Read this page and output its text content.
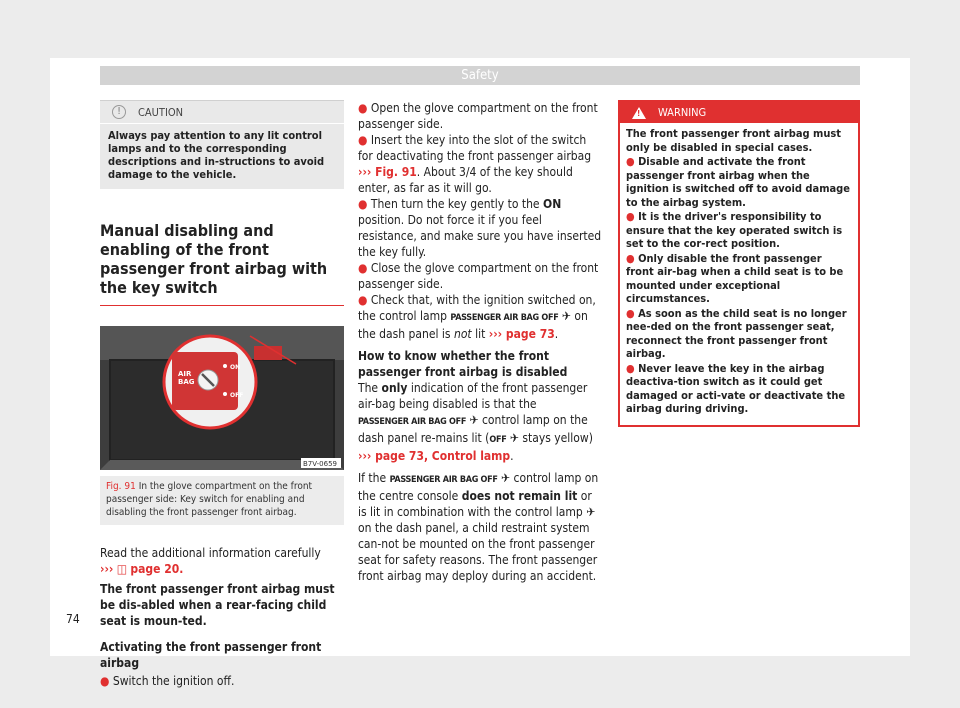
Safety
!	CAUTION
Always pay attention to any lit control lamps and to the corresponding descriptions and in-structions to avoid damage to the vehicle.
Manual disabling and enabling of the front passenger front airbag with the key switch
AIR
BAG
ON
OFF
B7V-0659
Fig. 91 In the glove compartment on the front passenger side: Key switch for enabling and disabling the front passenger front airbag.
Read the additional information carefully
››› ◫ page 20.
The front passenger front airbag must be dis-abled when a rear-facing child seat is moun-ted.
Activating the front passenger front airbag
● Switch the ignition off.

● Open the glove compartment on the front passenger side.

● Insert the key into the slot of the switch for deactivating the front passenger airbag ››› Fig. 91. About 3/4 of the key should enter, as far as it will go.

● Then turn the key gently to the ON position. Do not force it if you feel resistance, and make sure you have inserted the key fully.

● Close the glove compartment on the front passenger side.

● Check that, with the ignition switched on, the control lamp PASSENGER AIR BAG OFF ✈ on the dash panel is not lit ››› page 73.

How to know whether the front passenger front airbag is disabled

The only indication of the front passenger air-bag being disabled is that the PASSENGER AIR BAG OFF ✈ control lamp on the dash panel re-mains lit (OFF ✈ stays yellow) ››› page 73, Control lamp.

If the PASSENGER AIR BAG OFF ✈ control lamp on the centre console does not remain lit or is lit in combination with the control lamp ✈ on the dash panel, a child restraint system can-not be mounted on the front passenger seat for safety reasons. The front passenger front airbag may deploy during an accident.

! WARNING

The front passenger front airbag must only be disabled in special cases.

● Disable and activate the front passenger front airbag when the ignition is switched off to avoid damage to the airbag system.

● It is the driver's responsibility to ensure that the key operated switch is set to the cor-rect position.

● Only disable the front passenger front air-bag when a child seat is to be mounted under exceptional circumstances.

● As soon as the child seat is no longer nee-ded on the front passenger seat, reconnect the front passenger front airbag.

● Never leave the key in the airbag deactiva-tion switch as it could get damaged or acti-vate or deactivate the airbag during driving.

74
